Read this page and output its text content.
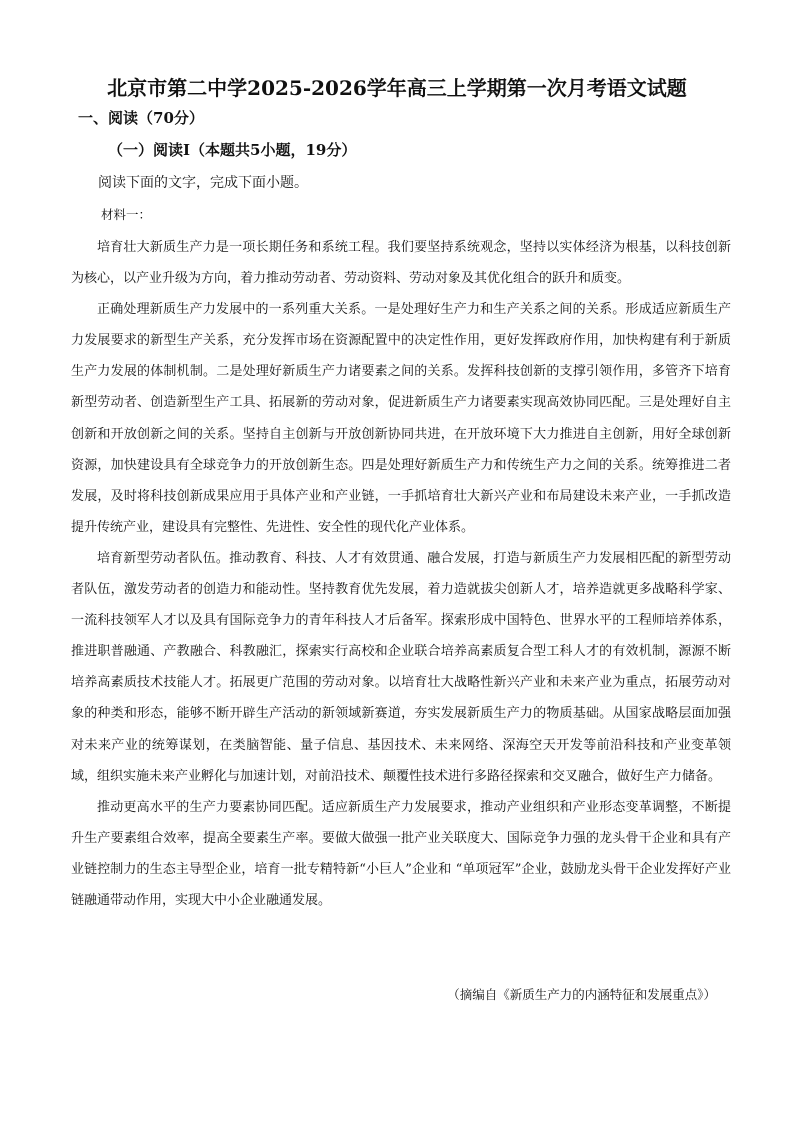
北京市第二中学2025-2026学年高三上学期第一次月考语文试题
一、阅读（70分）
（一）阅读Ⅰ（本题共5小题，19分）
阅读下面的文字，完成下面小题。
材料一：

培育壮大新质生产力是一项长期任务和系统工程。我们要坚持系统观念，坚持以实体经济为根基，以科技创新为核心，以产业升级为方向，着力推动劳动者、劳动资料、劳动对象及其优化组合的跃升和质变。

正确处理新质生产力发展中的一系列重大关系。一是处理好生产力和生产关系之间的关系。形成适应新质生产力发展要求的新型生产关系，充分发挥市场在资源配置中的决定性作用，更好发挥政府作用，加快构建有利于新质生产力发展的体制机制。二是处理好新质生产力诸要素之间的关系。发挥科技创新的支撑引领作用，多管齐下培育新型劳动者、创造新型生产工具、拓展新的劳动对象，促进新质生产力诸要素实现高效协同匹配。三是处理好自主创新和开放创新之间的关系。坚持自主创新与开放创新协同共进，在开放环境下大力推进自主创新，用好全球创新资源，加快建设具有全球竞争力的开放创新生态。四是处理好新质生产力和传统生产力之间的关系。统筹推进二者发展，及时将科技创新成果应用于具体产业和产业链，一手抓培育壮大新兴产业和布局建设未来产业，一手抓改造提升传统产业，建设具有完整性、先进性、安全性的现代化产业体系。

培育新型劳动者队伍。推动教育、科技、人才有效贯通、融合发展，打造与新质生产力发展相匹配的新型劳动者队伍，激发劳动者的创造力和能动性。坚持教育优先发展，着力造就拔尖创新人才，培养造就更多战略科学家、一流科技领军人才以及具有国际竞争力的青年科技人才后备军。探索形成中国特色、世界水平的工程师培养体系，推进职普融通、产教融合、科教融汇，探索实行高校和企业联合培养高素质复合型工科人才的有效机制，源源不断培养高素质技术技能人才。拓展更广范围的劳动对象。以培育壮大战略性新兴产业和未来产业为重点，拓展劳动对象的种类和形态，能够不断开辟生产活动的新领域新赛道，夯实发展新质生产力的物质基础。从国家战略层面加强对未来产业的统筹谋划，在类脑智能、量子信息、基因技术、未来网络、深海空天开发等前沿科技和产业变革领域，组织实施未来产业孵化与加速计划，对前沿技术、颠覆性技术进行多路径探索和交叉融合，做好生产力储备。

推动更高水平的生产力要素协同匹配。适应新质生产力发展要求，推动产业组织和产业形态变革调整，不断提升生产要素组合效率，提高全要素生产率。要做大做强一批产业关联度大、国际竞争力强的龙头骨干企业和具有产业链控制力的生态主导型企业，培育一批专精特新“小巨人”企业和 “单项冠军”企业，鼓励龙头骨干企业发挥好产业链融通带动作用，实现大中小企业融通发展。

（摘编自《新质生产力的内涵特征和发展重点》）
